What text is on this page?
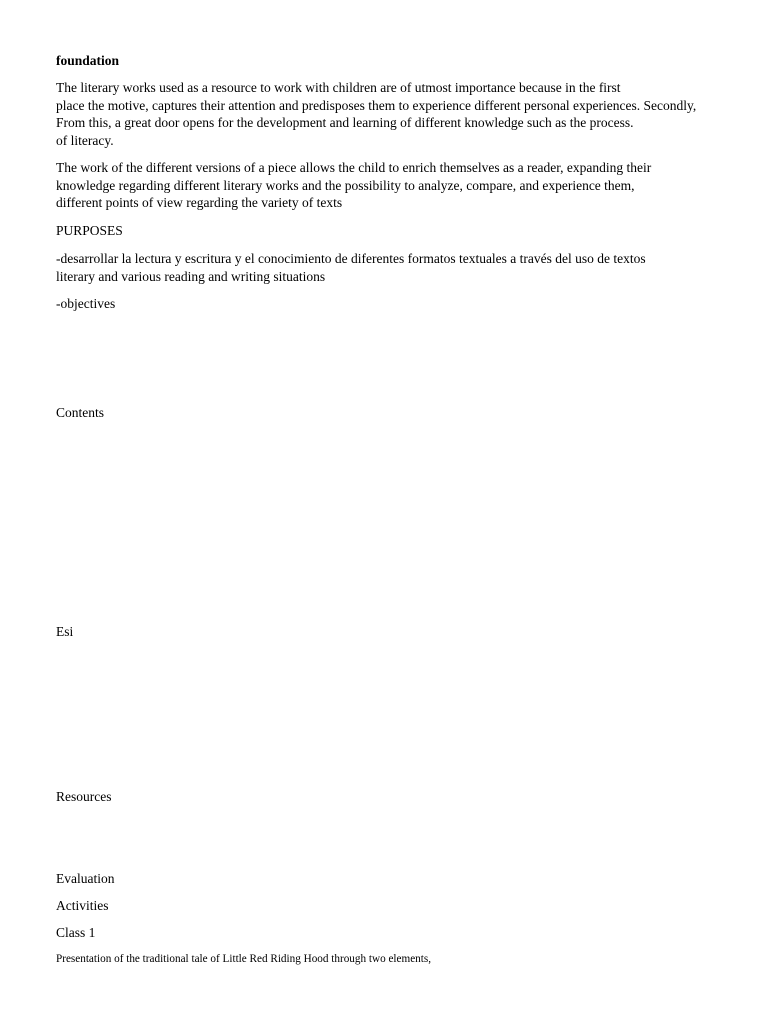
foundation

The literary works used as a resource to work with children are of utmost importance because in the first
place the motive, captures their attention and predisposes them to experience different personal experiences. Secondly,
From this, a great door opens for the development and learning of different knowledge such as the process.
of literacy.

The work of the different versions of a piece allows the child to enrich themselves as a reader, expanding their
knowledge regarding different literary works and the possibility to analyze, compare, and experience them,
different points of view regarding the variety of texts

PURPOSES

-desarrollar la lectura y escritura y el conocimiento de diferentes formatos textuales a través del uso de textos
literary and various reading and writing situations

-objectives

Contents

Esi

Resources

Evaluation

Activities

Class 1

Presentation of the traditional tale of Little Red Riding Hood through two elements,
